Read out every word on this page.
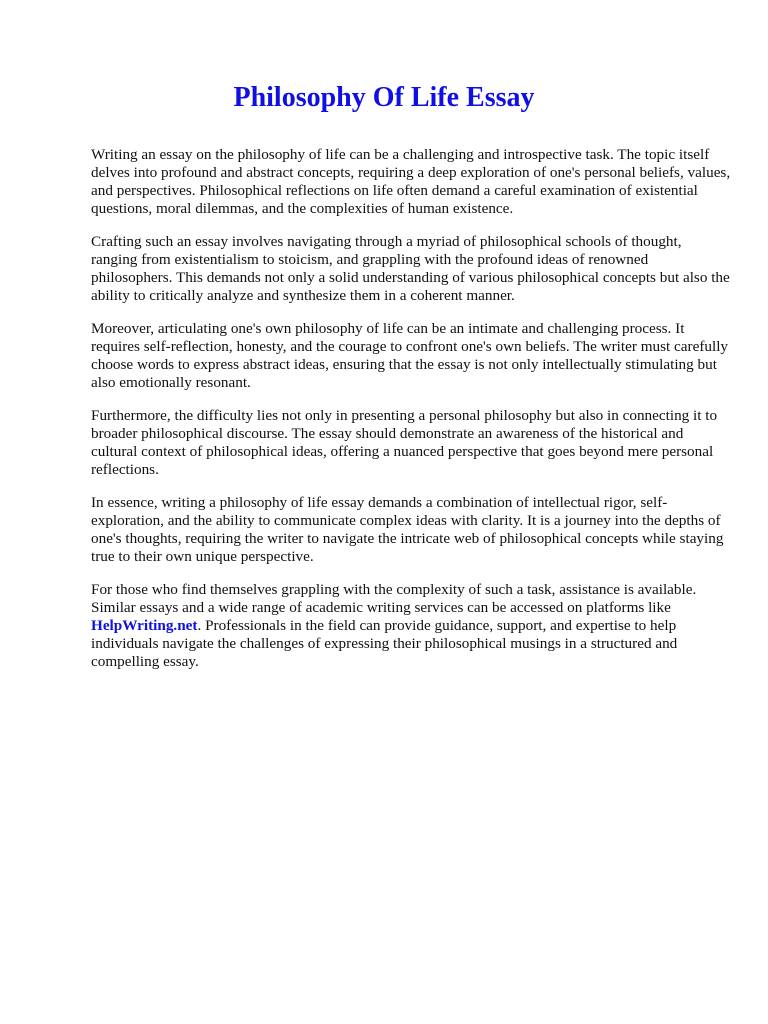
Philosophy Of Life Essay

Writing an essay on the philosophy of life can be a challenging and introspective task. The topic itself delves into profound and abstract concepts, requiring a deep exploration of one's personal beliefs, values, and perspectives. Philosophical reflections on life often demand a careful examination of existential questions, moral dilemmas, and the complexities of human existence.

Crafting such an essay involves navigating through a myriad of philosophical schools of thought, ranging from existentialism to stoicism, and grappling with the profound ideas of renowned philosophers. This demands not only a solid understanding of various philosophical concepts but also the ability to critically analyze and synthesize them in a coherent manner.

Moreover, articulating one's own philosophy of life can be an intimate and challenging process. It requires self-reflection, honesty, and the courage to confront one's own beliefs. The writer must carefully choose words to express abstract ideas, ensuring that the essay is not only intellectually stimulating but also emotionally resonant.

Furthermore, the difficulty lies not only in presenting a personal philosophy but also in connecting it to broader philosophical discourse. The essay should demonstrate an awareness of the historical and cultural context of philosophical ideas, offering a nuanced perspective that goes beyond mere personal reflections.

In essence, writing a philosophy of life essay demands a combination of intellectual rigor, self-exploration, and the ability to communicate complex ideas with clarity. It is a journey into the depths of one's thoughts, requiring the writer to navigate the intricate web of philosophical concepts while staying true to their own unique perspective.

For those who find themselves grappling with the complexity of such a task, assistance is available. Similar essays and a wide range of academic writing services can be accessed on platforms like HelpWriting.net. Professionals in the field can provide guidance, support, and expertise to help individuals navigate the challenges of expressing their philosophical musings in a structured and compelling essay.
